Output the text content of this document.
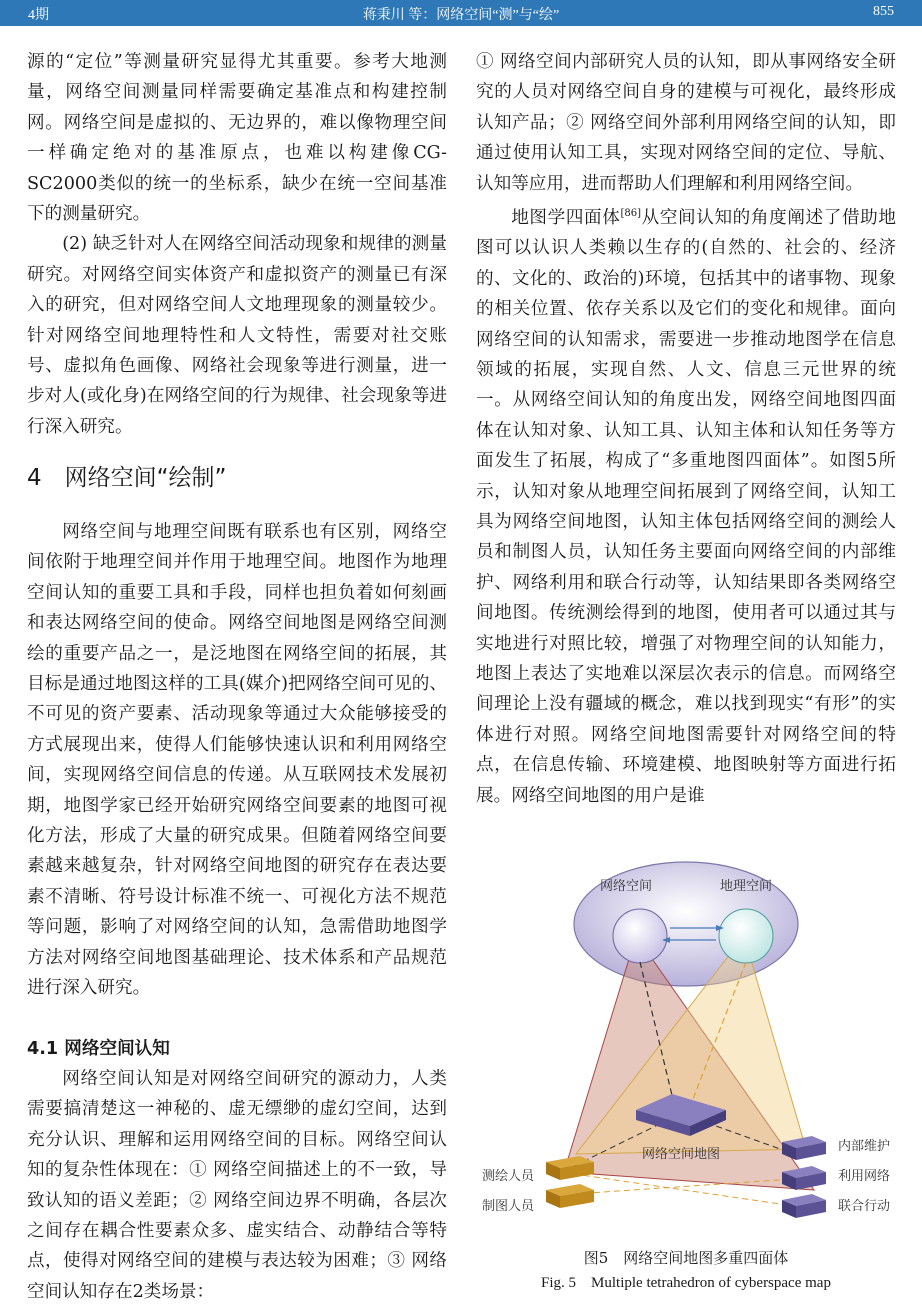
4期	蒋秉川 等：网络空间“测”与“绘”	855

源的“定位”等测量研究显得尤其重要。参考大地测量，网络空间测量同样需要确定基准点和构建控制网。网络空间是虚拟的、无边界的，难以像物理空间一样确定绝对的基准原点，也难以构建像CG-SC2000类似的统一的坐标系，缺少在统一空间基准下的测量研究。

(2) 缺乏针对人在网络空间活动现象和规律的测量研究。对网络空间实体资产和虚拟资产的测量已有深入的研究，但对网络空间人文地理现象的测量较少。针对网络空间地理特性和人文特性，需要对社交账号、虚拟角色画像、网络社会现象等进行测量，进一步对人(或化身)在网络空间的行为规律、社会现象等进行深入研究。

4　网络空间“绘制”

网络空间与地理空间既有联系也有区别，网络空间依附于地理空间并作用于地理空间。地图作为地理空间认知的重要工具和手段，同样也担负着如何刻画和表达网络空间的使命。网络空间地图是网络空间测绘的重要产品之一，是泛地图在网络空间的拓展，其目标是通过地图这样的工具(媒介)把网络空间可见的、不可见的资产要素、活动现象等通过大众能够接受的方式展现出来，使得人们能够快速认识和利用网络空间，实现网络空间信息的传递。从互联网技术发展初期，地图学家已经开始研究网络空间要素的地图可视化方法，形成了大量的研究成果。但随着网络空间要素越来越复杂，针对网络空间地图的研究存在表达要素不清晰、符号设计标准不统一、可视化方法不规范等问题，影响了对网络空间的认知，急需借助地图学方法对网络空间地图基础理论、技术体系和产品规范进行深入研究。

4.1 网络空间认知

网络空间认知是对网络空间研究的源动力，人类需要搞清楚这一神秘的、虚无缥缈的虚幻空间，达到充分认识、理解和运用网络空间的目标。网络空间认知的复杂性体现在：① 网络空间描述上的不一致，导致认知的语义差距；② 网络空间边界不明确，各层次之间存在耦合性要素众多、虚实结合、动静结合等特点，使得对网络空间的建模与表达较为困难；③ 网络空间认知存在2类场景：

① 网络空间内部研究人员的认知，即从事网络安全研究的人员对网络空间自身的建模与可视化，最终形成认知产品；② 网络空间外部利用网络空间的认知，即通过使用认知工具，实现对网络空间的定位、导航、认知等应用，进而帮助人们理解和利用网络空间。

地图学四面体[86]从空间认知的角度阐述了借助地图可以认识人类赖以生存的(自然的、社会的、经济的、文化的、政治的)环境，包括其中的诸事物、现象的相关位置、依存关系以及它们的变化和规律。面向网络空间的认知需求，需要进一步推动地图学在信息领域的拓展，实现自然、人文、信息三元世界的统一。从网络空间认知的角度出发，网络空间地图四面体在认知对象、认知工具、认知主体和认知任务等方面发生了拓展，构成了“多重地图四面体”。如图5所示，认知对象从地理空间拓展到了网络空间，认知工具为网络空间地图，认知主体包括网络空间的测绘人员和制图人员，认知任务主要面向网络空间的内部维护、网络利用和联合行动等，认知结果即各类网络空间地图。传统测绘得到的地图，使用者可以通过其与实地进行对照比较，增强了对物理空间的认知能力，地图上表达了实地难以深层次表示的信息。而网络空间理论上没有疆域的概念，难以找到现实“有形”的实体进行对照。网络空间地图需要针对网络空间的特点，在信息传输、环境建模、地图映射等方面进行拓展。网络空间地图的用户是谁

网络空间地图
测绘人员
制图人员
内部维护
利用网络
联合行动
网络空间	地理空间
图5　网络空间地图多重四面体
Fig. 5　Multiple tetrahedron of cyberspace map
